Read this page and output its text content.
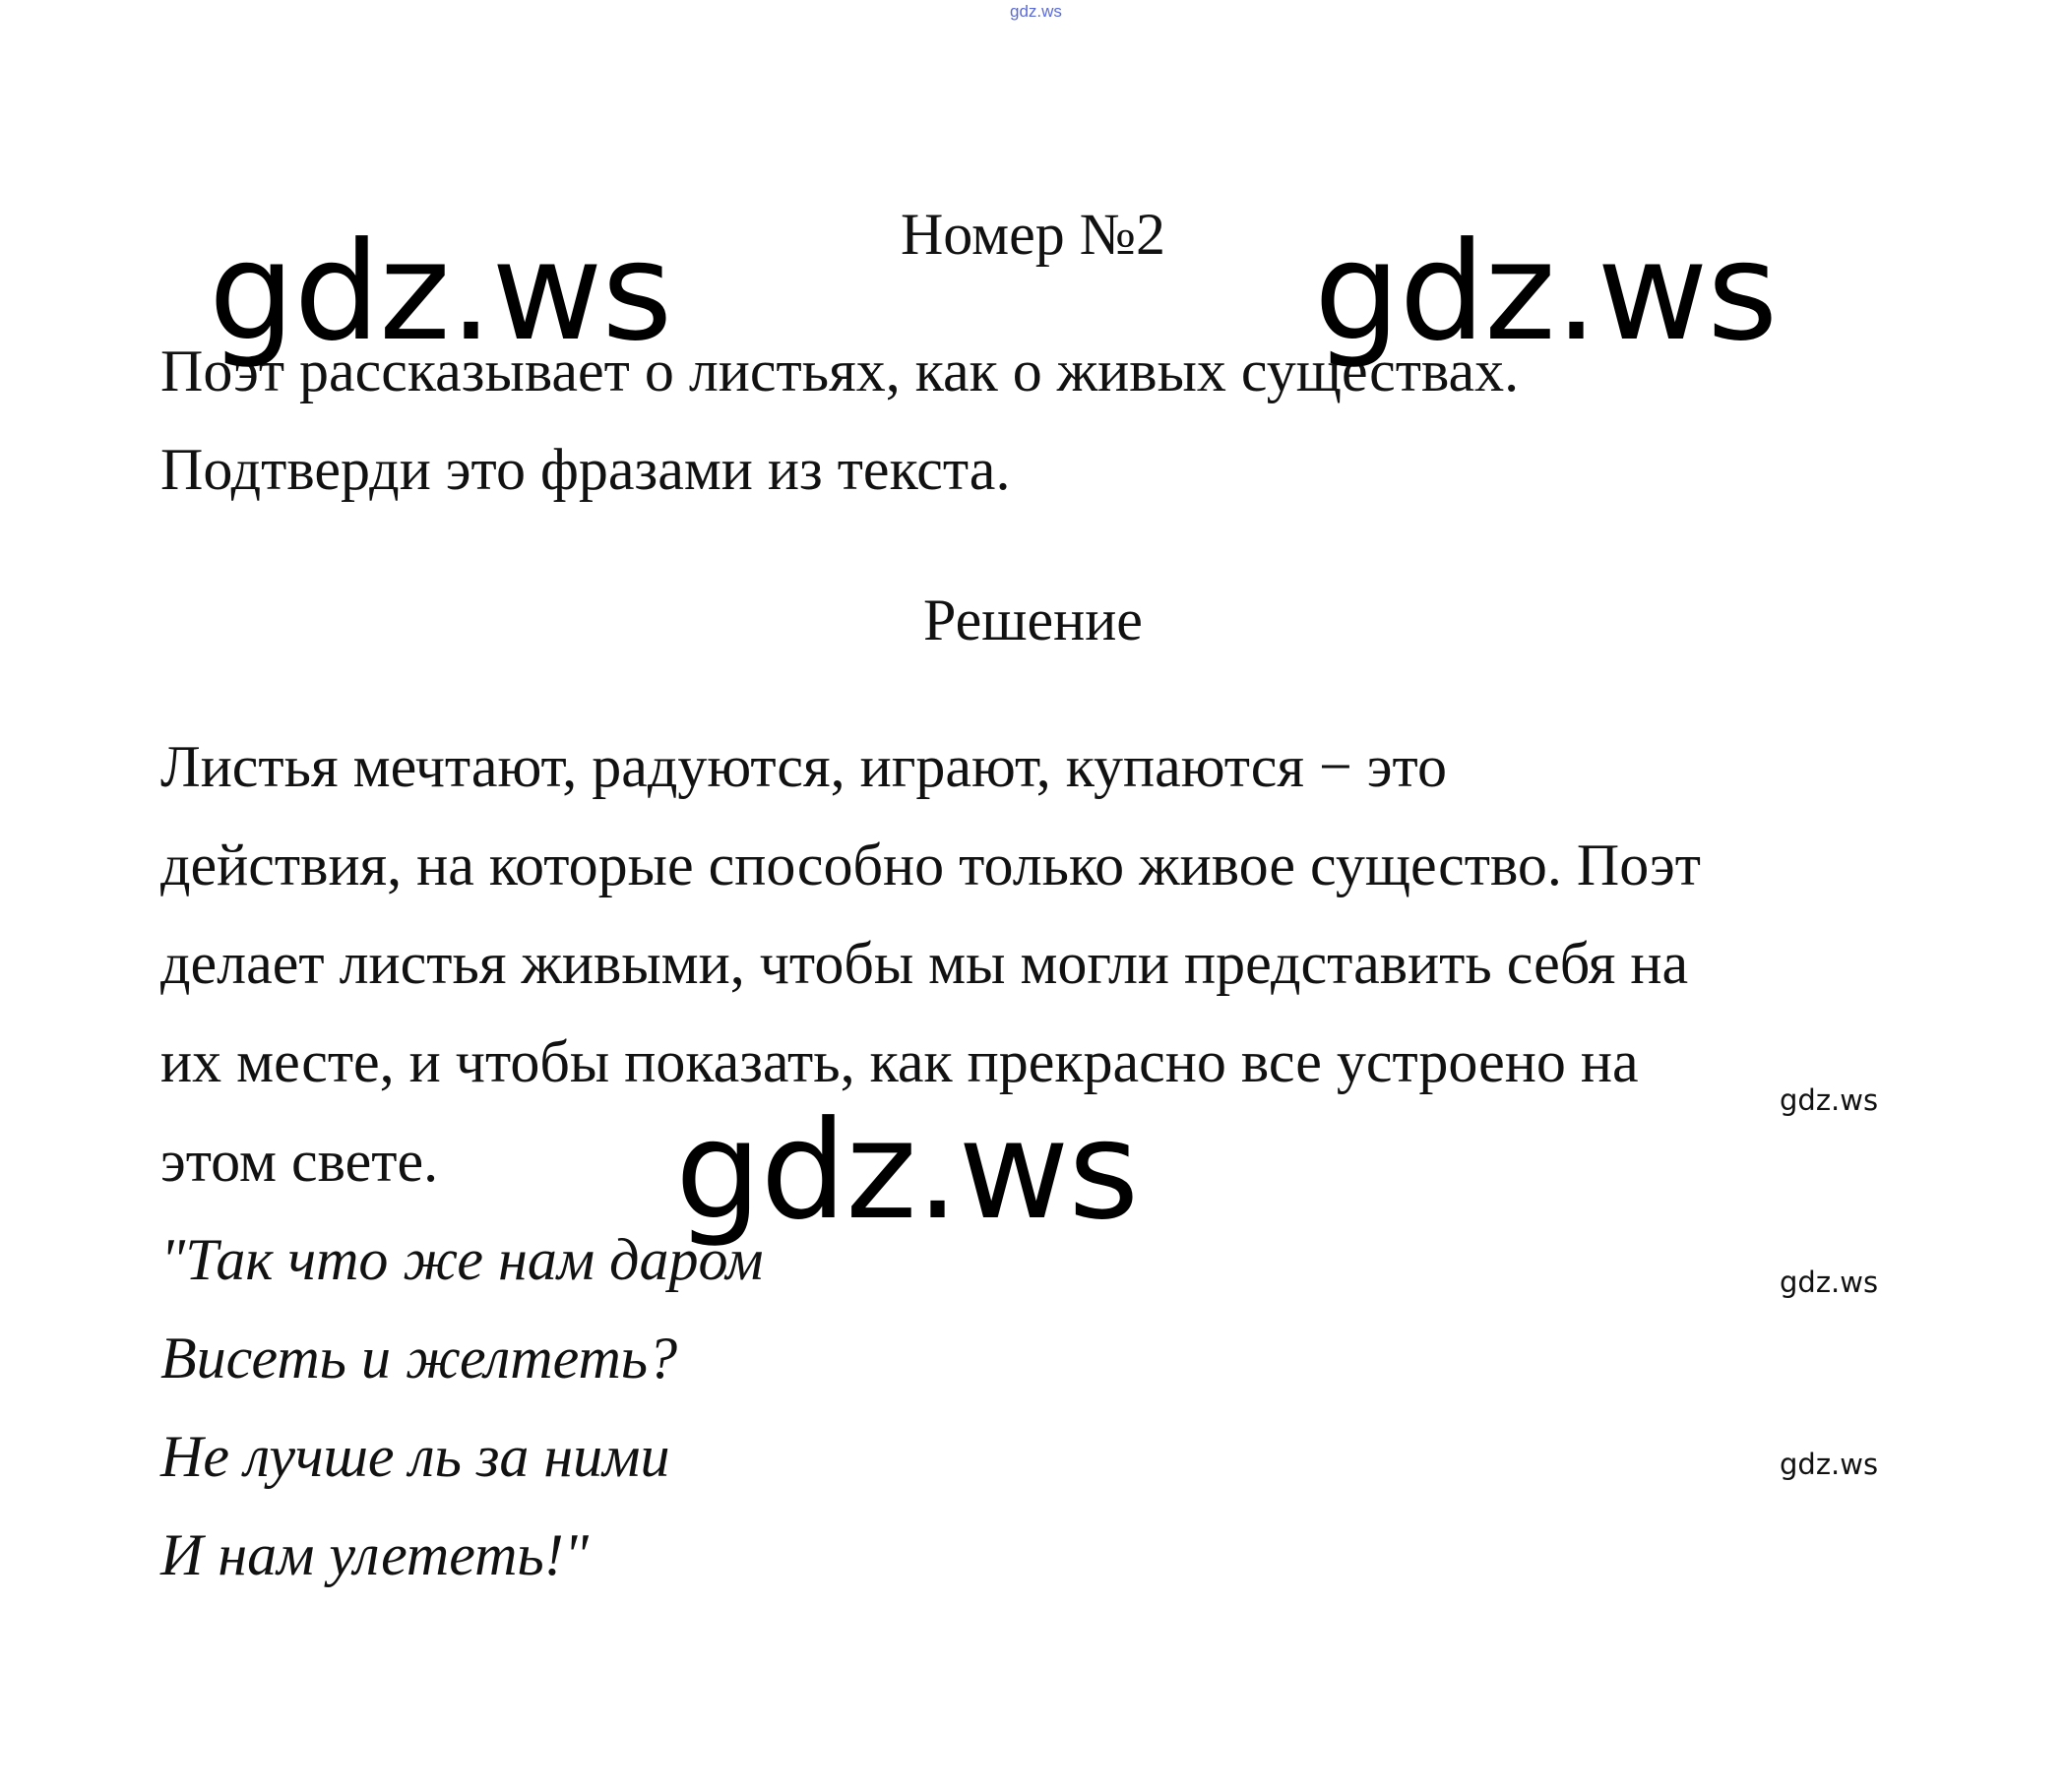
gdz.ws
Номер №2
Поэт рассказывает о листьях, как о живых существах.
Подтверди это фразами из текста.
Решение
Листья мечтают, радуются, играют, купаются − это
действия, на которые способно только живое существо. Поэт
делает листья живыми, чтобы мы могли представить себя на
их месте, и чтобы показать, как прекрасно все устроено на
этом свете.
"Так что же нам даром
Висеть и желтеть?
Не лучше ль за ними
И нам улететь!"
gdz.ws	gdz.ws
gdz.ws	gdz.ws
gdz.ws
gdz.ws
